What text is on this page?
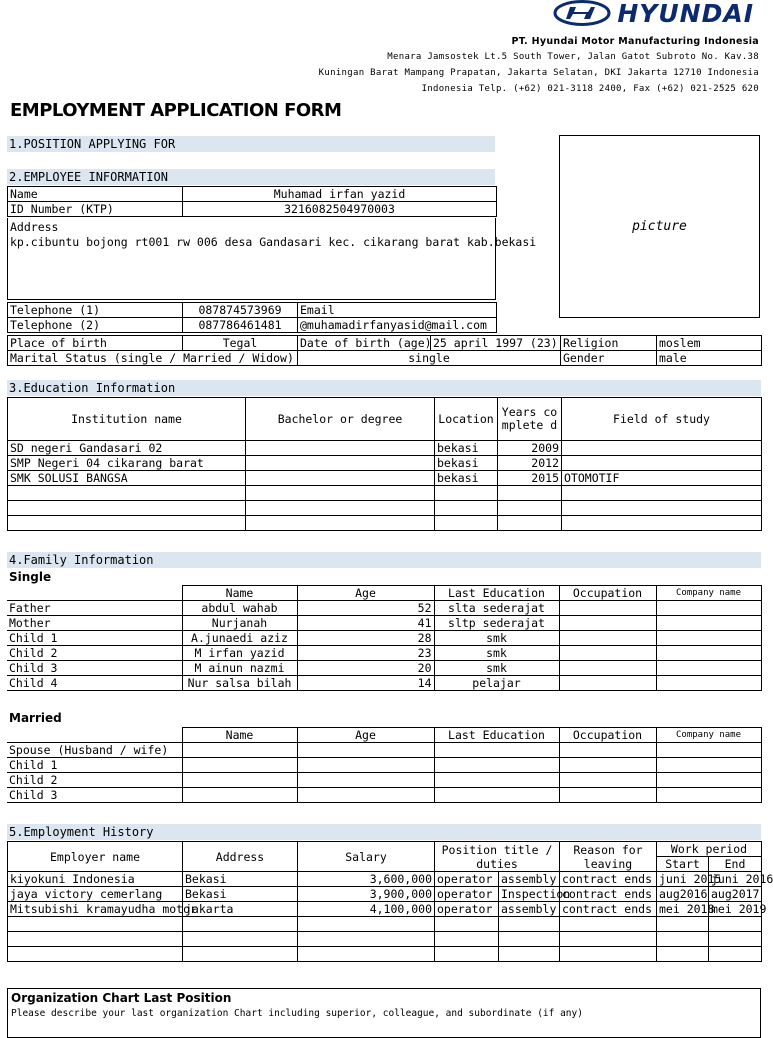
HYUNDAI
PT. Hyundai Motor Manufacturing Indonesia
Menara Jamsostek Lt.5 South Tower, Jalan Gatot Subroto No. Kav.38
Kuningan Barat Mampang Prapatan, Jakarta Selatan, DKI Jakarta 12710 Indonesia
Indonesia Telp. (+62) 021-3118 2400, Fax (+62) 021-2525 620
EMPLOYMENT APPLICATION FORM
1.POSITION APPLYING FOR
picture
2.EMPLOYEE INFORMATION
Name	Muhamad irfan yazid
ID Number (KTP)	3216082504970003
Address
kp.cibuntu bojong rt001 rw 006 desa Gandasari kec. cikarang barat kab.bekasi
Telephone (1)	087874573969	Email
Telephone (2)	087786461481	@muhamadirfanyasid@mail.com
Place of birth	Tegal	Date of birth (age)	25 april 1997 (23)	Religion	moslem
Marital Status (single / Married / Widow)		single		Gender	male
3.Education Information
Institution name	Bachelor or degree	Location	Years complete d	Field of study
SD negeri Gandasari 02		bekasi	2009	
SMP Negeri 04 cikarang barat		bekasi	2012	
SMK SOLUSI BANGSA		bekasi	2015	OTOMOTIF

4.Family Information
Single
	Name	Age	Last Education	Occupation	Company name
Father	abdul wahab	52	slta sederajat		
Mother	Nurjanah	41	sltp sederajat		
Child 1	A.junaedi aziz	28	smk		
Child 2	M irfan yazid	23	smk		
Child 3	M ainun nazmi	20	smk		
Child 4	Nur salsa bilah	14	pelajar		
Married
	Name	Age	Last Education	Occupation	Company name
Spouse (Husband / wife)					
Child 1					
Child 2					
Child 3					
5.Employment History
Employer name	Address	Salary	Position title / duties		Reason for leaving	Work period	
						Start	End
kiyokuni Indonesia	Bekasi	3,600,000	operator	assembly	contract ends	juni 2015	juni 2016
jaya victory cemerlang	Bekasi	3,900,000	operator	Inspection	contract ends	aug2016	aug2017
Mitsubishi kramayudha motor	jakarta	4,100,000	operator	assembly	contract ends	mei 2018	mei 2019

Organization Chart Last Position
Please describe your last organization Chart including superior, colleague, and subordinate (if any)
